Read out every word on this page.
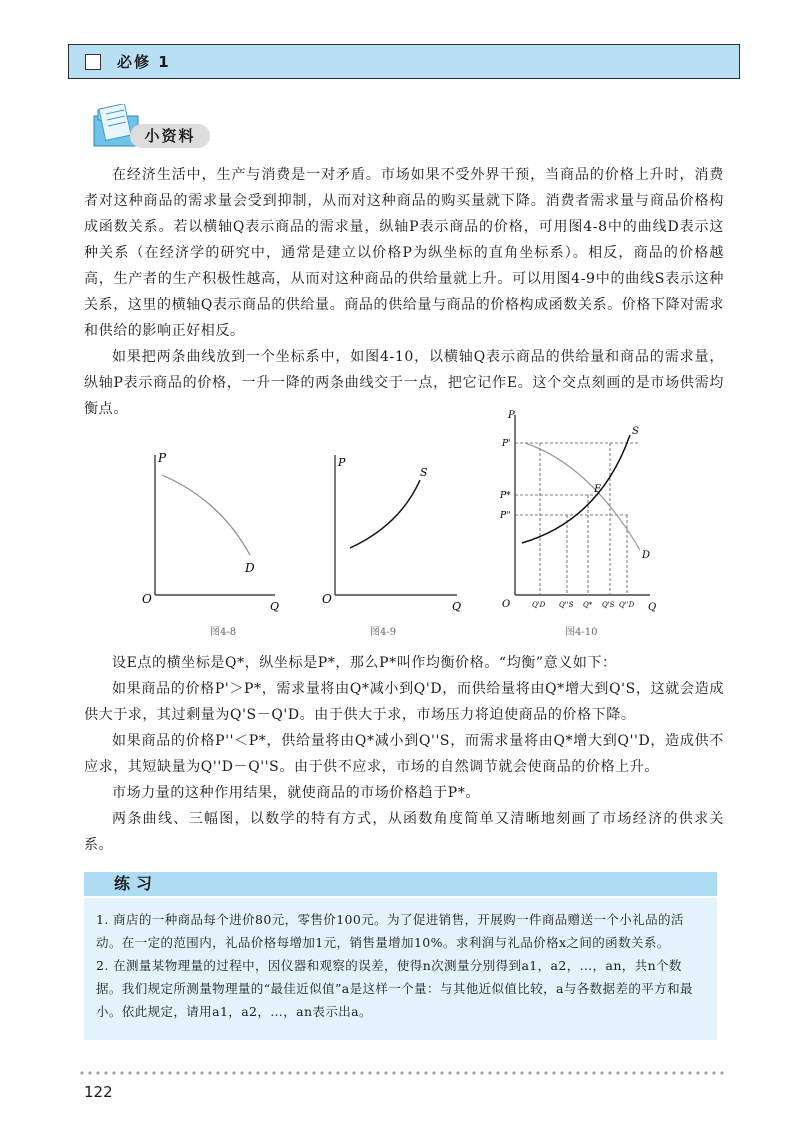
必修 1
小资料

在经济生活中，生产与消费是一对矛盾。市场如果不受外界干预，当商品的价格上升时，消费者对这种商品的需求量会受到抑制，从而对这种商品的购买量就下降。消费者需求量与商品价格构成函数关系。若以横轴Q表示商品的需求量，纵轴P表示商品的价格，可用图4-8中的曲线D表示这种关系（在经济学的研究中，通常是建立以价格P为纵坐标的直角坐标系）。相反，商品的价格越高，生产者的生产积极性越高，从而对这种商品的供给量就上升。可以用图4-9中的曲线S表示这种关系，这里的横轴Q表示商品的供给量。商品的供给量与商品的价格构成函数关系。价格下降对需求和供给的影响正好相反。

如果把两条曲线放到一个坐标系中，如图4-10，以横轴Q表示商品的供给量和商品的需求量，纵轴P表示商品的价格，一升一降的两条曲线交于一点，把它记作E。这个交点刻画的是市场供需均衡点。

P
Q
O
D
图4-8
P
Q
O
S
图4-9
P
Q
O
P'
P*
P''
S
D
E
Q'D Q''S Q* Q'S Q''D
图4-10

设E点的横坐标是Q*，纵坐标是P*，那么P*叫作均衡价格。“均衡”意义如下：

如果商品的价格P'＞P*，需求量将由Q*减小到Q'D，而供给量将由Q*增大到Q'S，这就会造成供大于求，其过剩量为Q'S－Q'D。由于供大于求，市场压力将迫使商品的价格下降。

如果商品的价格P''＜P*，供给量将由Q*减小到Q''S，而需求量将由Q*增大到Q''D，造成供不应求，其短缺量为Q''D－Q''S。由于供不应求，市场的自然调节就会使商品的价格上升。

市场力量的这种作用结果，就使商品的市场价格趋于P*。

两条曲线、三幅图，以数学的特有方式，从函数角度简单又清晰地刻画了市场经济的供求关系。

练习

1. 商店的一种商品每个进价80元，零售价100元。为了促进销售，开展购一件商品赠送一个小礼品的活动。在一定的范围内，礼品价格每增加1元，销售量增加10%。求利润与礼品价格x之间的函数关系。

2. 在测量某物理量的过程中，因仪器和观察的误差，使得n次测量分别得到a1，a2，…，an，共n个数据。我们规定所测量物理量的“最佳近似值”a是这样一个量：与其他近似值比较，a与各数据差的平方和最小。依此规定，请用a1，a2，…，an表示出a。

122
